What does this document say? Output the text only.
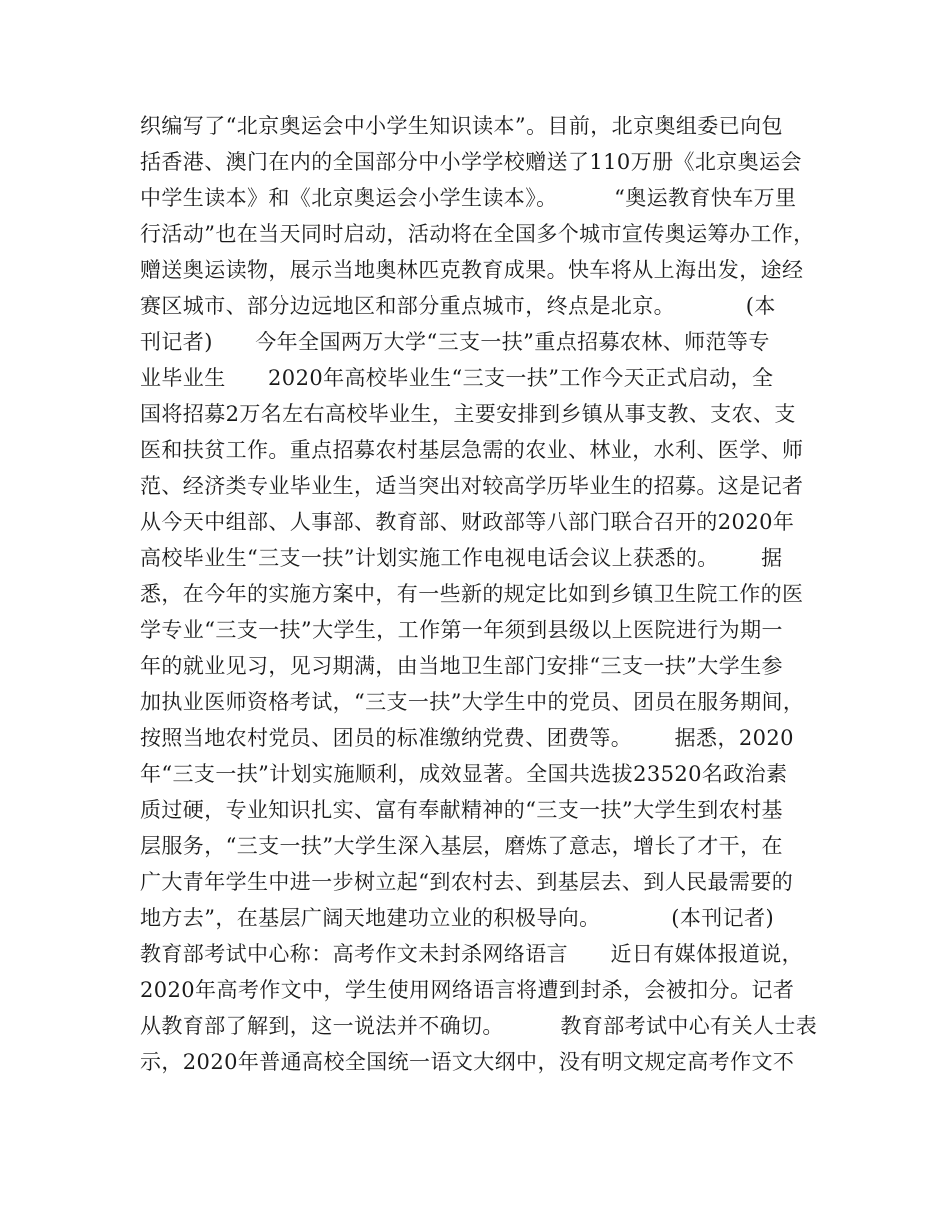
织编写了“北京奥运会中小学生知识读本”。目前，北京奥组委已向包
括香港、澳门在内的全国部分中小学学校赠送了110万册《北京奥运会
中学生读本》和《北京奥运会小学生读本》。        “奥运教育快车万里
行活动”也在当天同时启动，活动将在全国多个城市宣传奥运筹办工作，
赠送奥运读物，展示当地奥林匹克教育成果。快车将从上海出发，途经
赛区城市、部分边远地区和部分重点城市，终点是北京。          (本
刊记者)      今年全国两万大学“三支一扶”重点招募农林、师范等专
业毕业生      2020年高校毕业生“三支一扶”工作今天正式启动，全
国将招募2万名左右高校毕业生，主要安排到乡镇从事支教、支农、支
医和扶贫工作。重点招募农村基层急需的农业、林业，水利、医学、师
范、经济类专业毕业生，适当突出对较高学历毕业生的招募。这是记者
从今天中组部、人事部、教育部、财政部等八部门联合召开的2020年
高校毕业生“三支一扶”计划实施工作电视电话会议上获悉的。      据
悉，在今年的实施方案中，有一些新的规定比如到乡镇卫生院工作的医
学专业“三支一扶”大学生，工作第一年须到县级以上医院进行为期一
年的就业见习，见习期满，由当地卫生部门安排“三支一扶”大学生参
加执业医师资格考试，“三支一扶”大学生中的党员、团员在服务期间，
按照当地农村党员、团员的标准缴纳党费、团费等。      据悉，2020
年“三支一扶”计划实施顺利，成效显著。全国共选拔23520名政治素
质过硬，专业知识扎实、富有奉献精神的“三支一扶”大学生到农村基
层服务，“三支一扶”大学生深入基层，磨炼了意志，增长了才干，在
广大青年学生中进一步树立起“到农村去、到基层去、到人民最需要的
地方去”，在基层广阔天地建功立业的积极导向。          (本刊记者)
教育部考试中心称：高考作文未封杀网络语言      近日有媒体报道说，
2020年高考作文中，学生使用网络语言将遭到封杀，会被扣分。记者
从教育部了解到，这一说法并不确切。        教育部考试中心有关人士表
示，2020年普通高校全国统一语文大纲中，没有明文规定高考作文不
